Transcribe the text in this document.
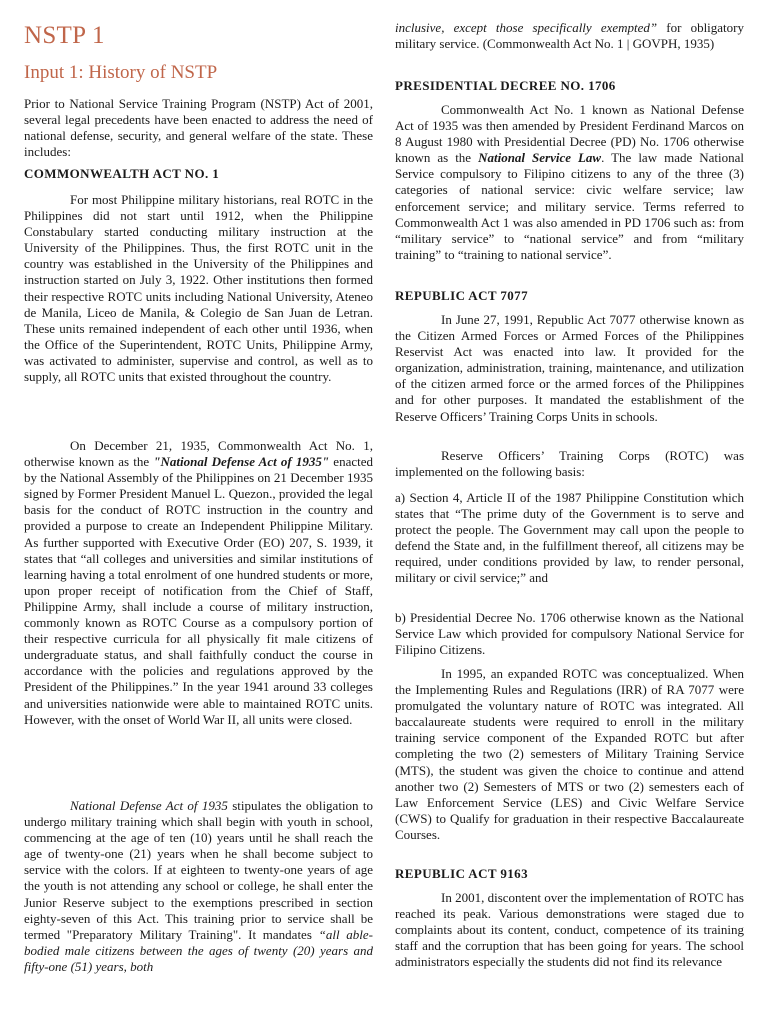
NSTP 1
Input 1: History of NSTP

Prior to National Service Training Program (NSTP) Act of 2001, several legal precedents have been enacted to address the need of national defense, security, and general welfare of the state. These includes:

COMMONWEALTH ACT NO. 1

For most Philippine military historians, real ROTC in the Philippines did not start until 1912, when the Philippine Constabulary started conducting military instruction at the University of the Philippines. Thus, the first ROTC unit in the country was established in the University of the Philippines and instruction started on July 3, 1922. Other institutions then formed their respective ROTC units including National University, Ateneo de Manila, Liceo de Manila, & Colegio de San Juan de Letran. These units remained independent of each other until 1936, when the Office of the Superintendent, ROTC Units, Philippine Army, was activated to administer, supervise and control, as well as to supply, all ROTC units that existed throughout the country.

On December 21, 1935, Commonwealth Act No. 1, otherwise known as the "National Defense Act of 1935" enacted by the National Assembly of the Philippines on 21 December 1935 signed by Former President Manuel L. Quezon., provided the legal basis for the conduct of ROTC instruction in the country and provided a purpose to create an Independent Philippine Military. As further supported with Executive Order (EO) 207, S. 1939, it states that “all colleges and universities and similar institutions of learning having a total enrolment of one hundred students or more, upon proper receipt of notification from the Chief of Staff, Philippine Army, shall include a course of military instruction, commonly known as ROTC Course as a compulsory portion of their respective curricula for all physically fit male citizens of undergraduate status, and shall faithfully conduct the course in accordance with the policies and regulations approved by the President of the Philippines.” In the year 1941 around 33 colleges and universities nationwide were able to maintained ROTC units. However, with the onset of World War II, all units were closed.

National Defense Act of 1935 stipulates the obligation to undergo military training which shall begin with youth in school, commencing at the age of ten (10) years until he shall reach the age of twenty-one (21) years when he shall become subject to service with the colors. If at eighteen to twenty-one years of age the youth is not attending any school or college, he shall enter the Junior Reserve subject to the exemptions prescribed in section eighty-seven of this Act. This training prior to service shall be termed "Preparatory Military Training". It mandates “all able-bodied male citizens between the ages of twenty (20) years and fifty-one (51) years, both

inclusive, except those specifically exempted” for obligatory military service. (Commonwealth Act No. 1 | GOVPH, 1935)

PRESIDENTIAL DECREE NO. 1706

Commonwealth Act No. 1 known as National Defense Act of 1935 was then amended by President Ferdinand Marcos on 8 August 1980 with Presidential Decree (PD) No. 1706 otherwise known as the National Service Law. The law made National Service compulsory to Filipino citizens to any of the three (3) categories of national service: civic welfare service; law enforcement service; and military service. Terms referred to Commonwealth Act 1 was also amended in PD 1706 such as: from “military service” to “national service” and from “military training” to “training to national service”.

REPUBLIC ACT 7077

In June 27, 1991, Republic Act 7077 otherwise known as the Citizen Armed Forces or Armed Forces of the Philippines Reservist Act was enacted into law. It provided for the organization, administration, training, maintenance, and utilization of the citizen armed force or the armed forces of the Philippines and for other purposes. It mandated the establishment of the Reserve Officers’ Training Corps Units in schools.

Reserve Officers’ Training Corps (ROTC) was implemented on the following basis:

a) Section 4, Article II of the 1987 Philippine Constitution which states that “The prime duty of the Government is to serve and protect the people. The Government may call upon the people to defend the State and, in the fulfillment thereof, all citizens may be required, under conditions provided by law, to render personal, military or civil service;” and

b) Presidential Decree No. 1706 otherwise known as the National Service Law which provided for compulsory National Service for Filipino Citizens.

In 1995, an expanded ROTC was conceptualized. When the Implementing Rules and Regulations (IRR) of RA 7077 were promulgated the voluntary nature of ROTC was integrated. All baccalaureate students were required to enroll in the military training service component of the Expanded ROTC but after completing the two (2) semesters of Military Training Service (MTS), the student was given the choice to continue and attend another two (2) Semesters of MTS or two (2) semesters each of Law Enforcement Service (LES) and Civic Welfare Service (CWS) to Qualify for graduation in their respective Baccalaureate Courses.

REPUBLIC ACT 9163

In 2001, discontent over the implementation of ROTC has reached its peak. Various demonstrations were staged due to complaints about its content, conduct, competence of its training staff and the corruption that has been going for years. The school administrators especially the students did not find its relevance
